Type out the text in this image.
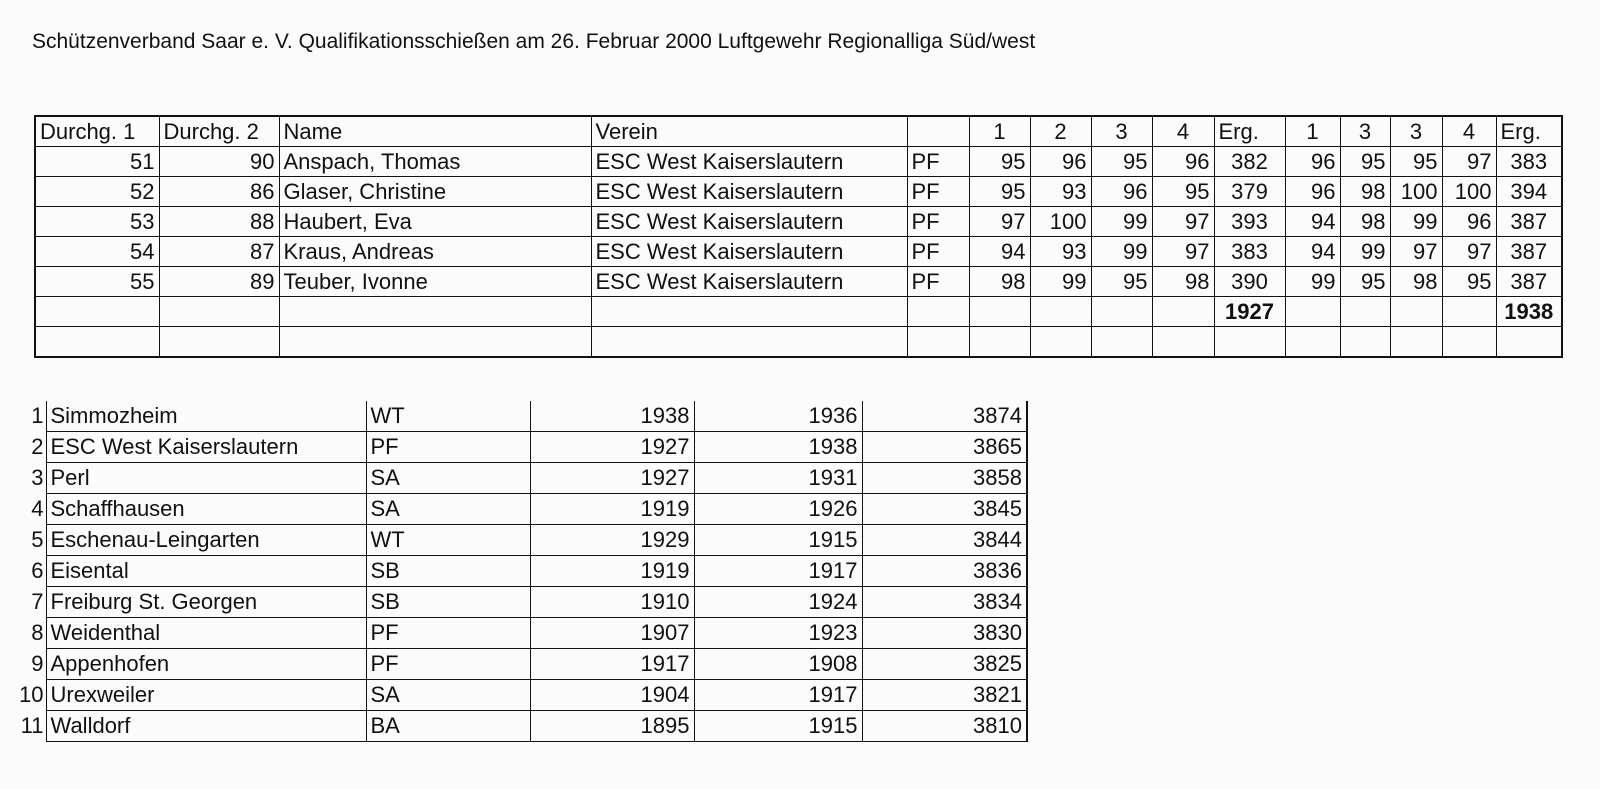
Schützenverband Saar e. V. Qualifikationsschießen am 26. Februar 2000 Luftgewehr Regionalliga Süd/west
Durchg. 1	Durchg. 2	Name	Verein		1	2	3	4	Erg.	1	3	3	4	Erg.
51	90	Anspach, Thomas	ESC West Kaiserslautern	PF	95	96	95	96	382	96	95	95	97	383
52	86	Glaser, Christine	ESC West Kaiserslautern	PF	95	93	96	95	379	96	98	100	100	394
53	88	Haubert, Eva	ESC West Kaiserslautern	PF	97	100	99	97	393	94	98	99	96	387
54	87	Kraus, Andreas	ESC West Kaiserslautern	PF	94	93	99	97	383	94	99	97	97	387
55	89	Teuber, Ivonne	ESC West Kaiserslautern	PF	98	99	95	98	390	99	95	98	95	387
									1927					1938

1	Simmozheim	WT	1938	1936	3874
2	ESC West Kaiserslautern	PF	1927	1938	3865
3	Perl	SA	1927	1931	3858
4	Schaffhausen	SA	1919	1926	3845
5	Eschenau-Leingarten	WT	1929	1915	3844
6	Eisental	SB	1919	1917	3836
7	Freiburg St. Georgen	SB	1910	1924	3834
8	Weidenthal	PF	1907	1923	3830
9	Appenhofen	PF	1917	1908	3825
10	Urexweiler	SA	1904	1917	3821
11	Walldorf	BA	1895	1915	3810
